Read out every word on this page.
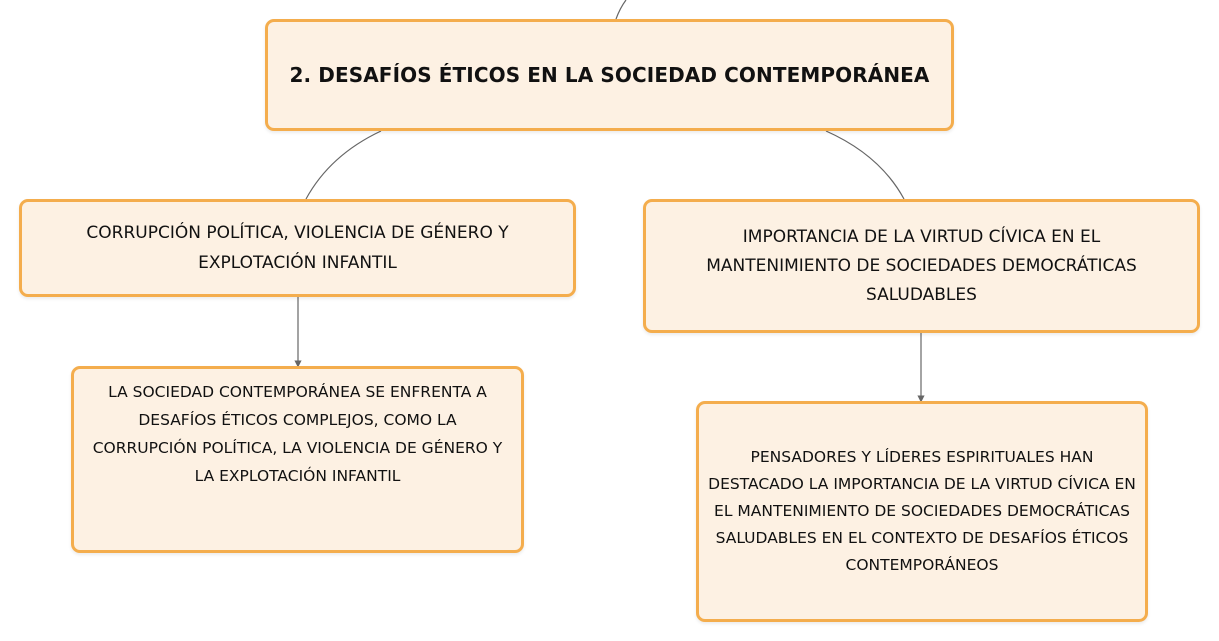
2. DESAFÍOS ÉTICOS EN LA SOCIEDAD CONTEMPORÁNEA
CORRUPCIÓN POLÍTICA, VIOLENCIA DE GÉNERO Y EXPLOTACIÓN INFANTIL
IMPORTANCIA DE LA VIRTUD CÍVICA EN EL MANTENIMIENTO DE SOCIEDADES DEMOCRÁTICAS SALUDABLES
LA SOCIEDAD CONTEMPORÁNEA SE ENFRENTA A DESAFÍOS ÉTICOS COMPLEJOS, COMO LA CORRUPCIÓN POLÍTICA, LA VIOLENCIA DE GÉNERO Y LA EXPLOTACIÓN INFANTIL
PENSADORES Y LÍDERES ESPIRITUALES HAN DESTACADO LA IMPORTANCIA DE LA VIRTUD CÍVICA EN EL MANTENIMIENTO DE SOCIEDADES DEMOCRÁTICAS SALUDABLES EN EL CONTEXTO DE DESAFÍOS ÉTICOS CONTEMPORÁNEOS
